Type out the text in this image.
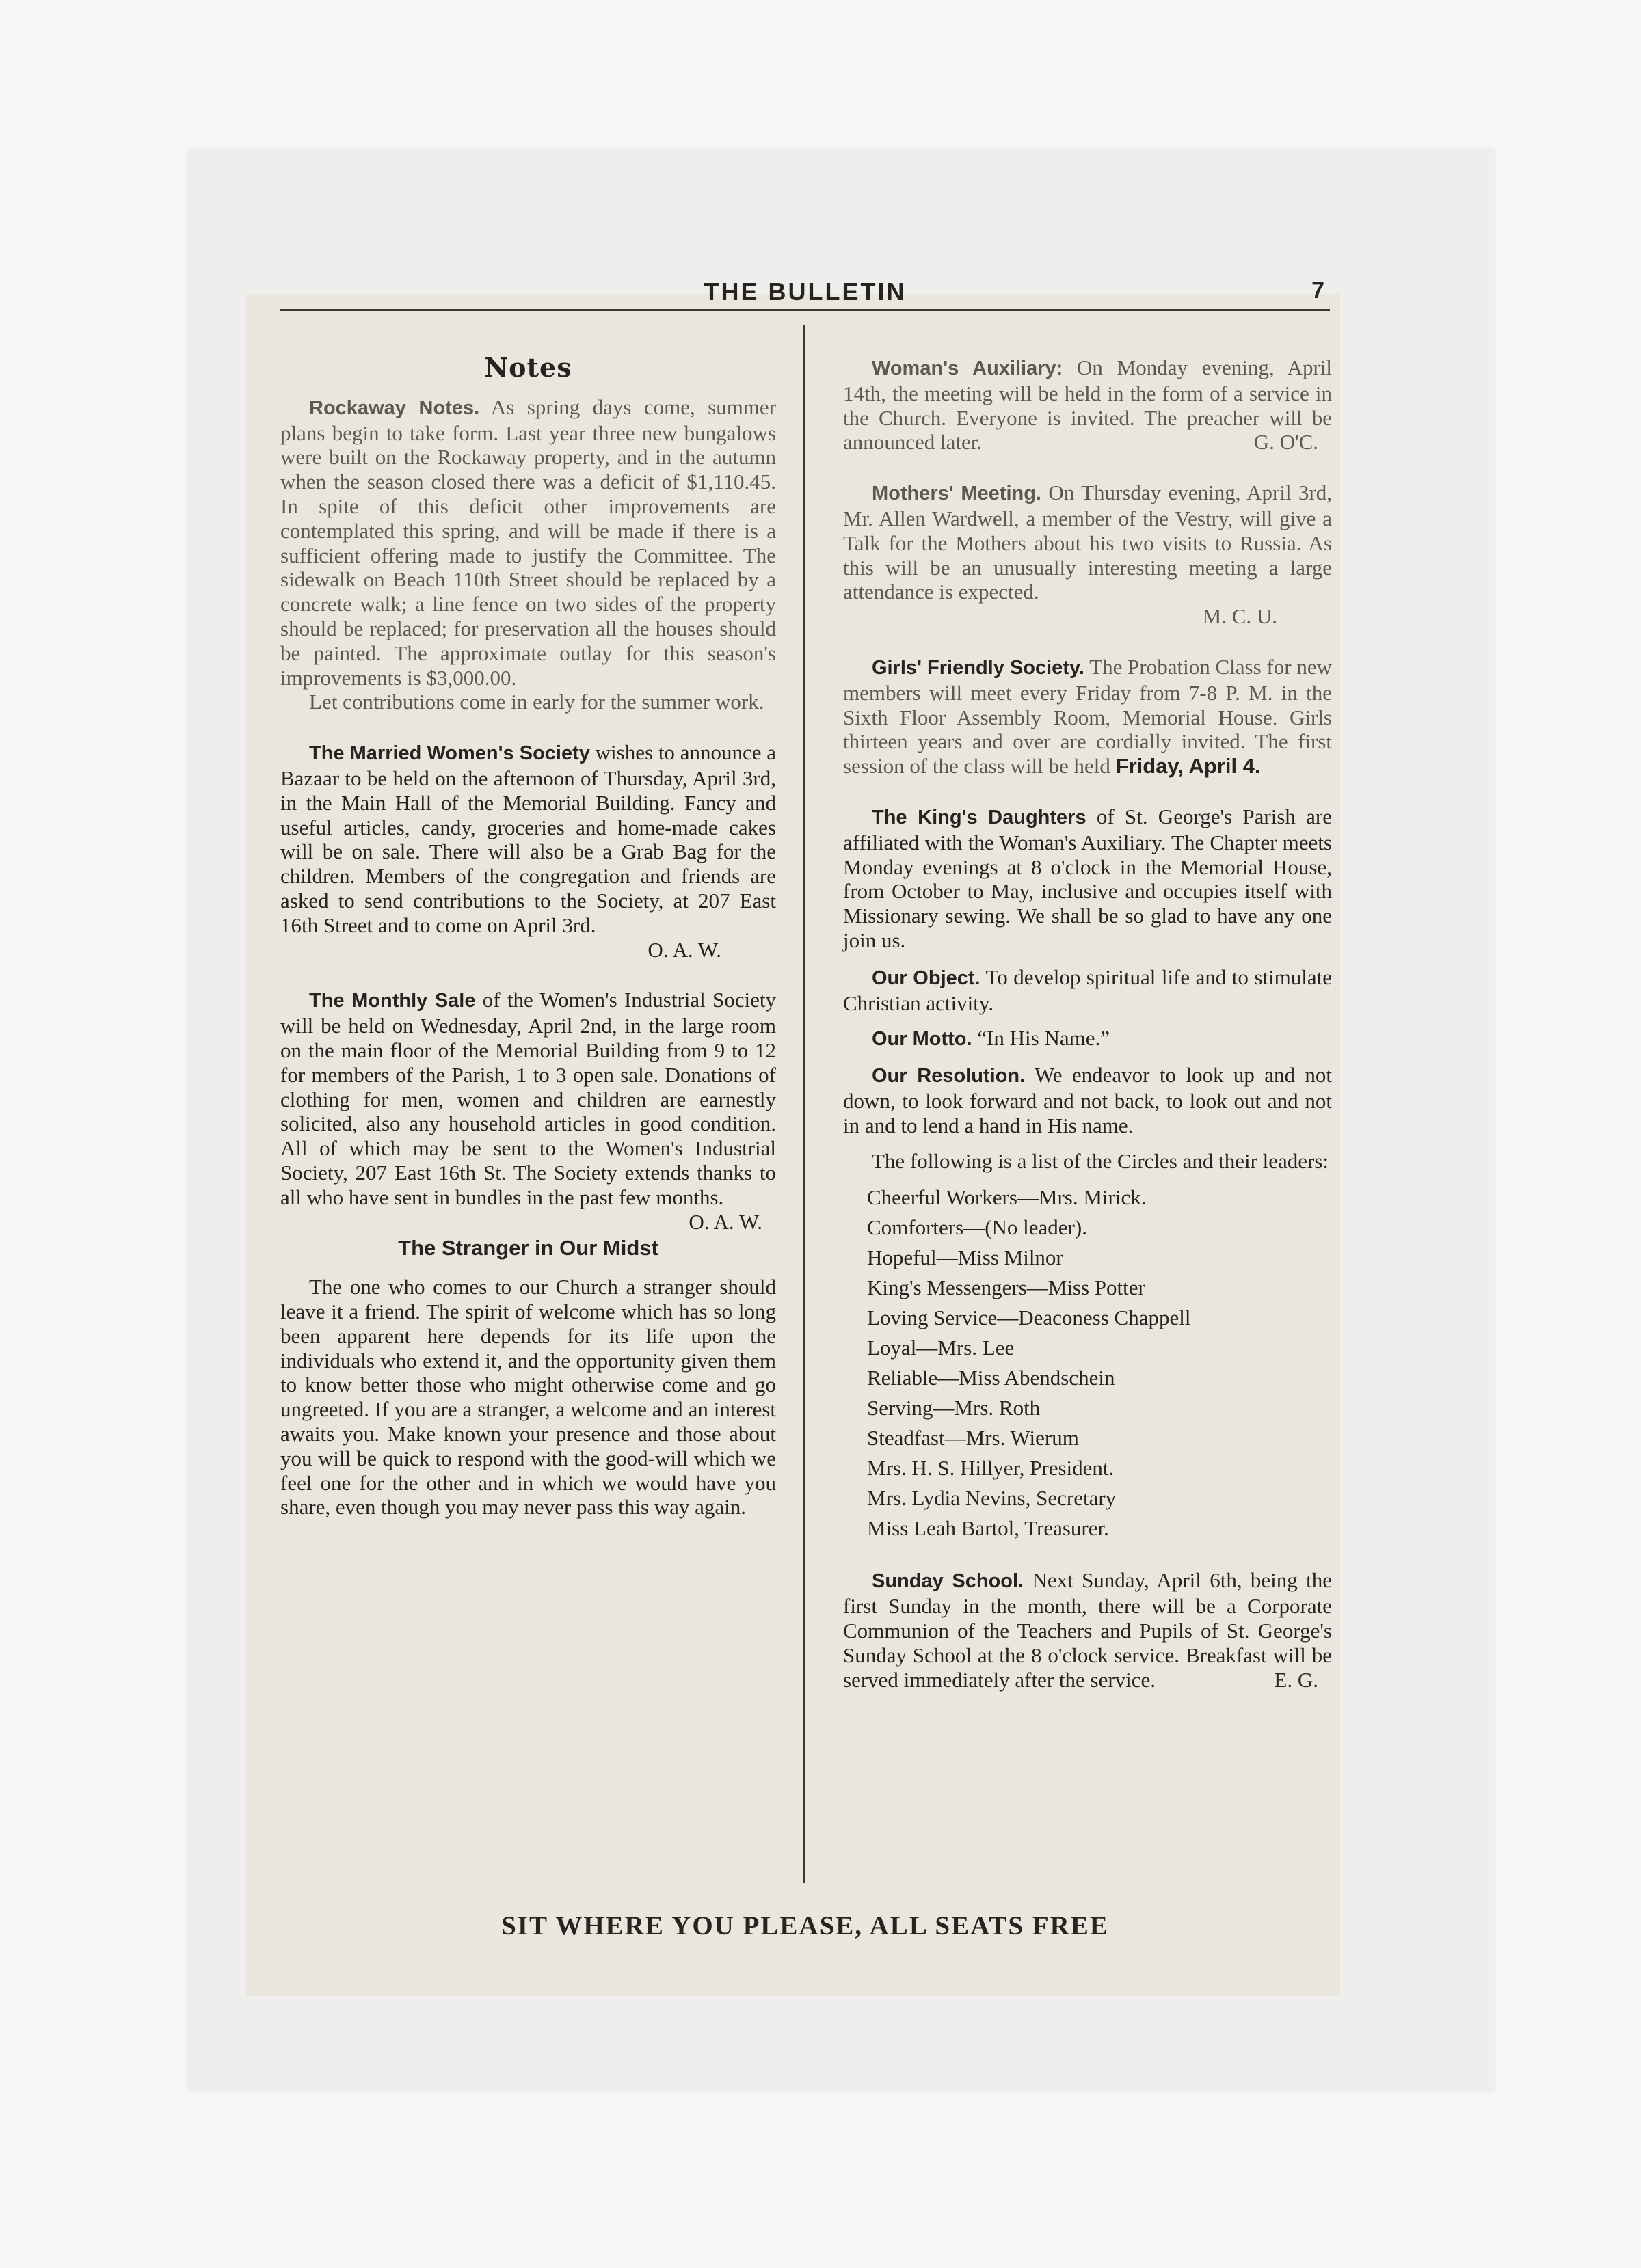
THE BULLETIN	7
Notes

Rockaway Notes. As spring days come, summer plans begin to take form. Last year three new bungalows were built on the Rockaway property, and in the autumn when the season closed there was a deficit of $1,110.45. In spite of this deficit other improvements are contemplated this spring, and will be made if there is a sufficient offering made to justify the Committee. The sidewalk on Beach 110th Street should be replaced by a concrete walk; a line fence on two sides of the property should be replaced; for preservation all the houses should be painted. The approximate outlay for this season's improvements is $3,000.00.

Let contributions come in early for the summer work.

The Married Women's Society wishes to announce a Bazaar to be held on the afternoon of Thursday, April 3rd, in the Main Hall of the Memorial Building. Fancy and useful articles, candy, groceries and home-made cakes will be on sale. There will also be a Grab Bag for the children. Members of the congregation and friends are asked to send contributions to the Society, at 207 East 16th Street and to come on April 3rd.
O. A. W.

The Monthly Sale of the Women's Industrial Society will be held on Wednesday, April 2nd, in the large room on the main floor of the Memorial Building from 9 to 12 for members of the Parish, 1 to 3 open sale. Donations of clothing for men, women and children are earnestly solicited, also any household articles in good condition. All of which may be sent to the Women's Industrial Society, 207 East 16th St. The Society extends thanks to all who have sent in bundles in the past few months.
O. A. W.

The Stranger in Our Midst

The one who comes to our Church a stranger should leave it a friend. The spirit of welcome which has so long been apparent here depends for its life upon the individuals who extend it, and the opportunity given them to know better those who might otherwise come and go ungreeted. If you are a stranger, a welcome and an interest awaits you. Make known your presence and those about you will be quick to respond with the good-will which we feel one for the other and in which we would have you share, even though you may never pass this way again.

Woman's Auxiliary: On Monday evening, April 14th, the meeting will be held in the form of a service in the Church. Everyone is invited. The preacher will be announced later.	G. O'C.

Mothers' Meeting. On Thursday evening, April 3rd, Mr. Allen Wardwell, a member of the Vestry, will give a Talk for the Mothers about his two visits to Russia. As this will be an unusually interesting meeting a large attendance is expected.
M. C. U.

Girls' Friendly Society. The Probation Class for new members will meet every Friday from 7-8 P. M. in the Sixth Floor Assembly Room, Memorial House. Girls thirteen years and over are cordially invited. The first session of the class will be held Friday, April 4.

The King's Daughters of St. George's Parish are affiliated with the Woman's Auxiliary. The Chapter meets Monday evenings at 8 o'clock in the Memorial House, from October to May, inclusive and occupies itself with Missionary sewing. We shall be so glad to have any one join us.

Our Object. To develop spiritual life and to stimulate Christian activity.

Our Motto. “In His Name.”

Our Resolution. We endeavor to look up and not down, to look forward and not back, to look out and not in and to lend a hand in His name.

The following is a list of the Circles and their leaders:

Cheerful Workers—Mrs. Mirick.
Comforters—(No leader).
Hopeful—Miss Milnor
King's Messengers—Miss Potter
Loving Service—Deaconess Chappell
Loyal—Mrs. Lee
Reliable—Miss Abendschein
Serving—Mrs. Roth
Steadfast—Mrs. Wierum
Mrs. H. S. Hillyer, President.
Mrs. Lydia Nevins, Secretary
Miss Leah Bartol, Treasurer.

Sunday School. Next Sunday, April 6th, being the first Sunday in the month, there will be a Corporate Communion of the Teachers and Pupils of St. George's Sunday School at the 8 o'clock service. Breakfast will be served immediately after the service.	E. G.

SIT WHERE YOU PLEASE, ALL SEATS FREE
